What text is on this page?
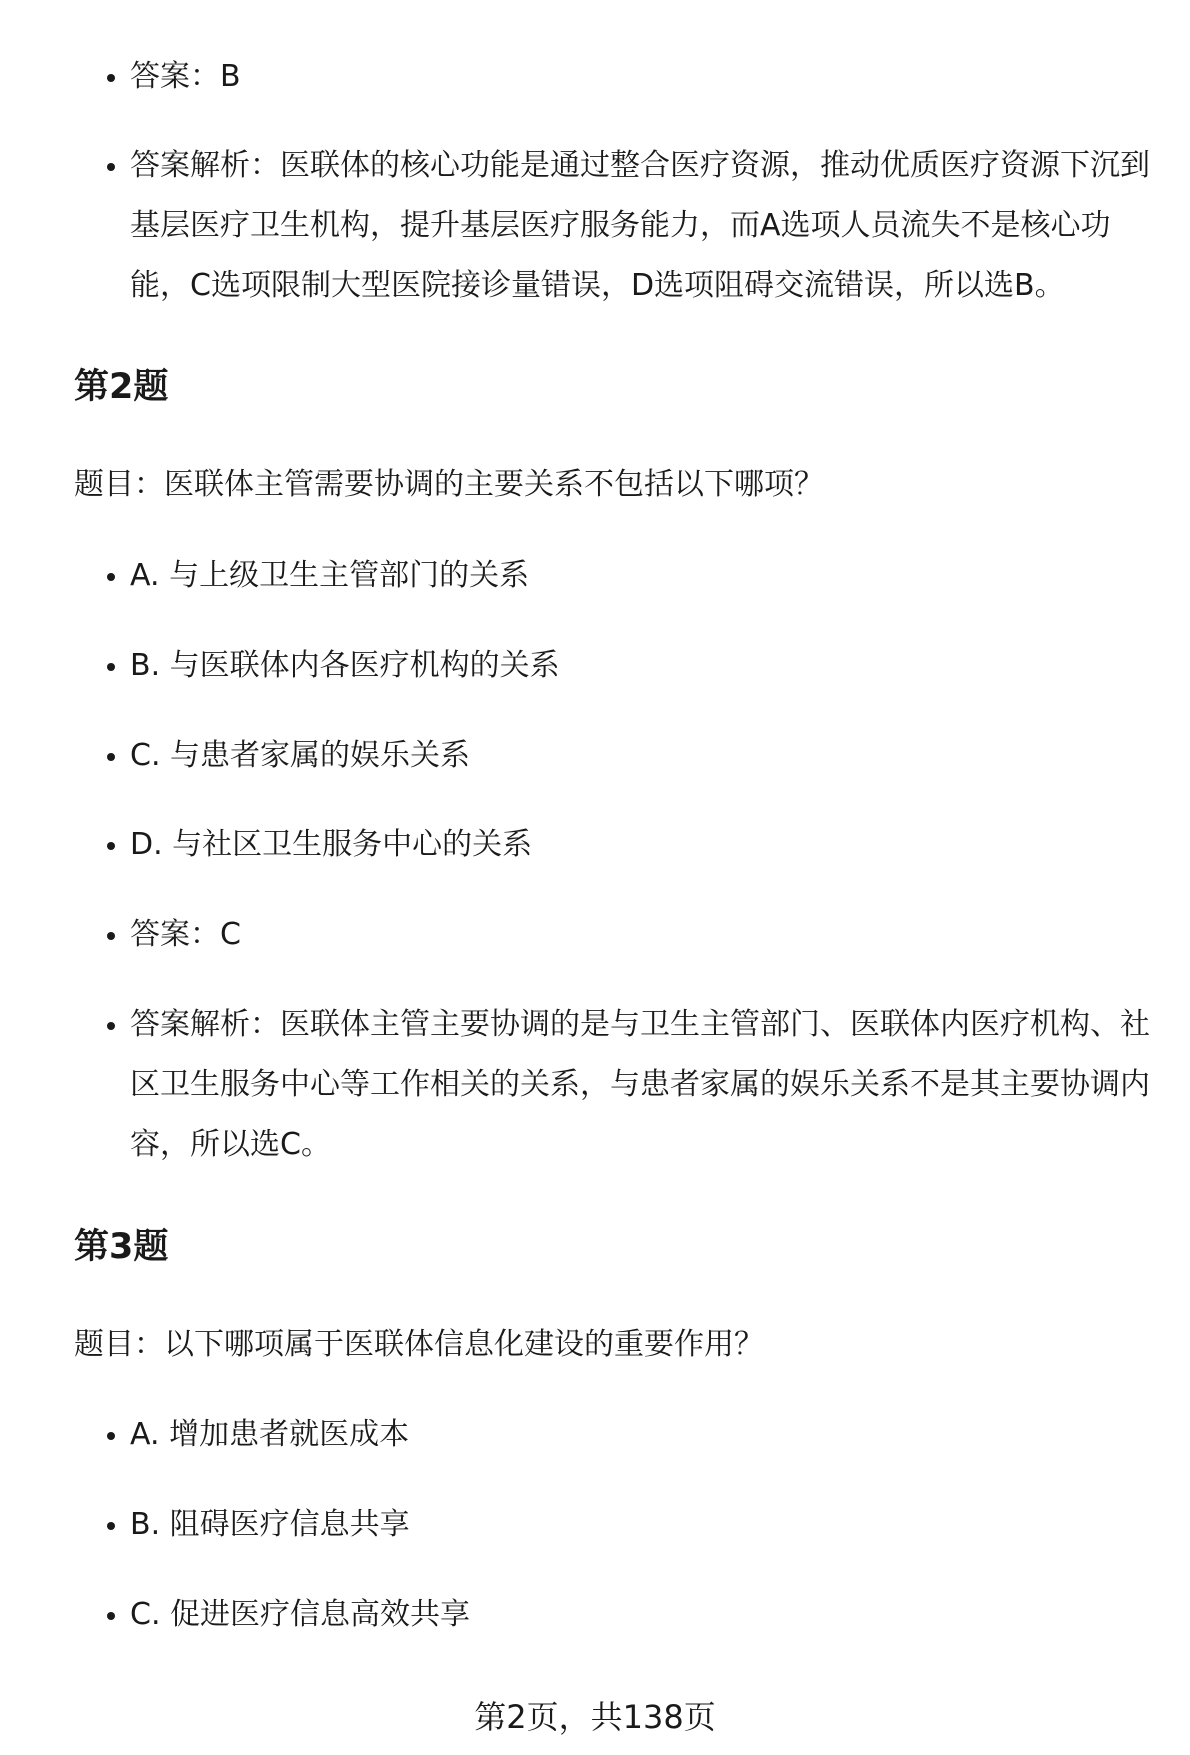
答案：B
答案解析：医联体的核心功能是通过整合医疗资源，推动优质医疗资源下沉到基层医疗卫生机构，提升基层医疗服务能力，而A选项人员流失不是核心功能，C选项限制大型医院接诊量错误，D选项阻碍交流错误，所以选B。
第2题

题目：医联体主管需要协调的主要关系不包括以下哪项？

A. 与上级卫生主管部门的关系
B. 与医联体内各医疗机构的关系
C. 与患者家属的娱乐关系
D. 与社区卫生服务中心的关系
答案：C
答案解析：医联体主管主要协调的是与卫生主管部门、医联体内医疗机构、社区卫生服务中心等工作相关的关系，与患者家属的娱乐关系不是其主要协调内容，所以选C。
第3题

题目：以下哪项属于医联体信息化建设的重要作用？

A. 增加患者就医成本
B. 阻碍医疗信息共享
C. 促进医疗信息高效共享
第2页，共138页
